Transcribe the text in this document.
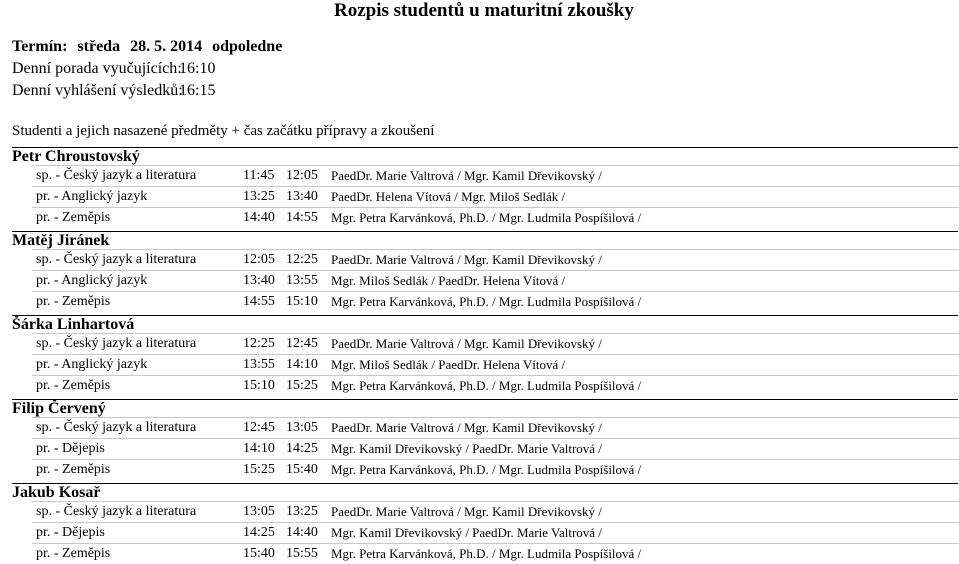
Rozpis studentů u maturitní zkoušky
Termín: středa 28. 5. 2014 odpoledne
Denní porada vyučujících:
16:10
Denní vyhlášení výsledků:
16:15
Studenti a jejich nasazené předměty + čas začátku přípravy a zkoušení
Petr Chroustovský
sp. - Český jazyk a literatura	11:45 12:05 PaedDr. Marie Valtrová / Mgr. Kamil Dřevikovský /
pr. - Anglický jazyk	13:25 13:40 PaedDr. Helena Vítová / Mgr. Miloš Sedlák /
pr. - Zeměpis	14:40 14:55 Mgr. Petra Karvánková, Ph.D. / Mgr. Ludmila Pospíšilová /
Matěj Jiránek
sp. - Český jazyk a literatura	12:05 12:25 PaedDr. Marie Valtrová / Mgr. Kamil Dřevikovský /
pr. - Anglický jazyk	13:40 13:55 Mgr. Miloš Sedlák / PaedDr. Helena Vítová /
pr. - Zeměpis	14:55 15:10 Mgr. Petra Karvánková, Ph.D. / Mgr. Ludmila Pospíšilová /
Šárka Linhartová
sp. - Český jazyk a literatura	12:25 12:45 PaedDr. Marie Valtrová / Mgr. Kamil Dřevikovský /
pr. - Anglický jazyk	13:55 14:10 Mgr. Miloš Sedlák / PaedDr. Helena Vítová /
pr. - Zeměpis	15:10 15:25 Mgr. Petra Karvánková, Ph.D. / Mgr. Ludmila Pospíšilová /
Filip Červený
sp. - Český jazyk a literatura	12:45 13:05 PaedDr. Marie Valtrová / Mgr. Kamil Dřevikovský /
pr. - Dějepis	14:10 14:25 Mgr. Kamil Dřevikovský / PaedDr. Marie Valtrová /
pr. - Zeměpis	15:25 15:40 Mgr. Petra Karvánková, Ph.D. / Mgr. Ludmila Pospíšilová /
Jakub Kosař
sp. - Český jazyk a literatura	13:05 13:25 PaedDr. Marie Valtrová / Mgr. Kamil Dřevikovský /
pr. - Dějepis	14:25 14:40 Mgr. Kamil Dřevikovský / PaedDr. Marie Valtrová /
pr. - Zeměpis	15:40 15:55 Mgr. Petra Karvánková, Ph.D. / Mgr. Ludmila Pospíšilová /
